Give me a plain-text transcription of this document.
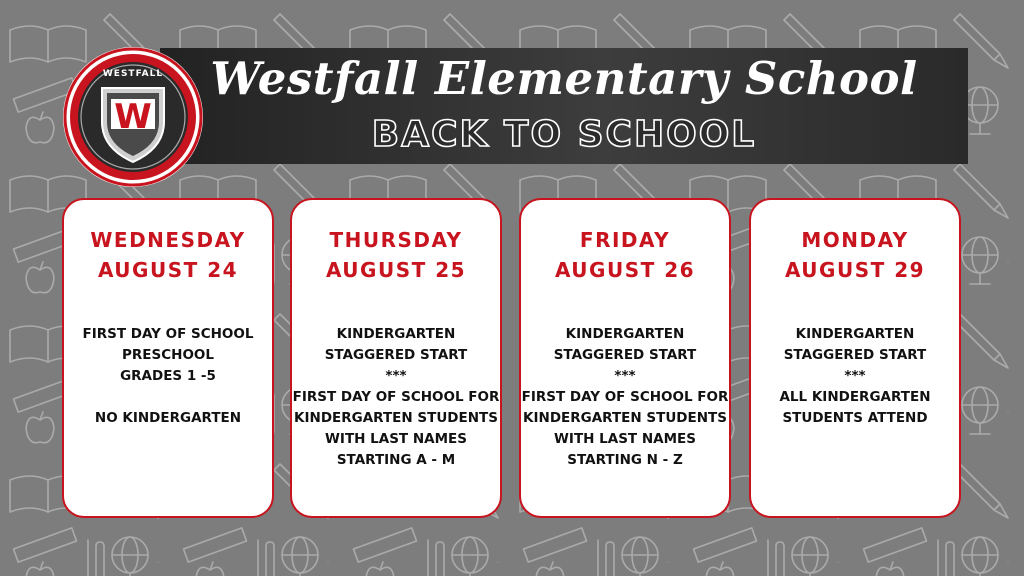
Westfall Elementary School
BACK TO SCHOOL
WESTFALL
W
WEDNESDAY
AUGUST 24
FIRST DAY OF SCHOOL
PRESCHOOL
GRADES 1 -5
NO KINDERGARTEN
THURSDAY
AUGUST 25
KINDERGARTEN
STAGGERED START
***
FIRST DAY OF SCHOOL FOR
KINDERGARTEN STUDENTS
WITH LAST NAMES
STARTING A - M
FRIDAY
AUGUST 26
KINDERGARTEN
STAGGERED START
***
FIRST DAY OF SCHOOL FOR
KINDERGARTEN STUDENTS
WITH LAST NAMES
STARTING N - Z
MONDAY
AUGUST 29
KINDERGARTEN
STAGGERED START
***
ALL KINDERGARTEN
STUDENTS ATTEND
